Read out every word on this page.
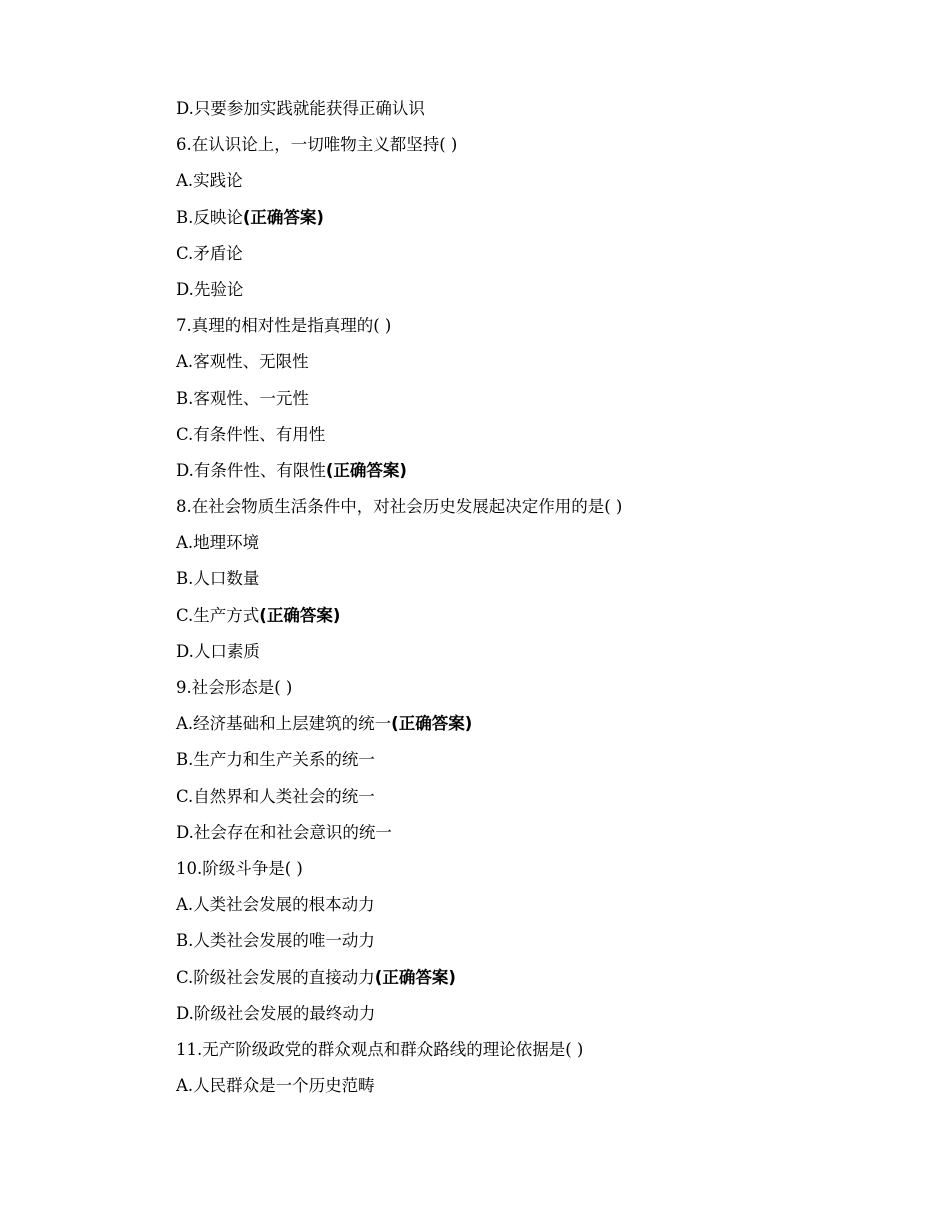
D.只要参加实践就能获得正确认识
6.在认识论上，一切唯物主义都坚持( )
A.实践论
B.反映论(正确答案)
C.矛盾论
D.先验论
7.真理的相对性是指真理的( )
A.客观性、无限性
B.客观性、一元性
C.有条件性、有用性
D.有条件性、有限性(正确答案)
8.在社会物质生活条件中，对社会历史发展起决定作用的是( )
A.地理环境
B.人口数量
C.生产方式(正确答案)
D.人口素质
9.社会形态是( )
A.经济基础和上层建筑的统一(正确答案)
B.生产力和生产关系的统一
C.自然界和人类社会的统一
D.社会存在和社会意识的统一
10.阶级斗争是( )
A.人类社会发展的根本动力
B.人类社会发展的唯一动力
C.阶级社会发展的直接动力(正确答案)
D.阶级社会发展的最终动力
11.无产阶级政党的群众观点和群众路线的理论依据是( )
A.人民群众是一个历史范畴
